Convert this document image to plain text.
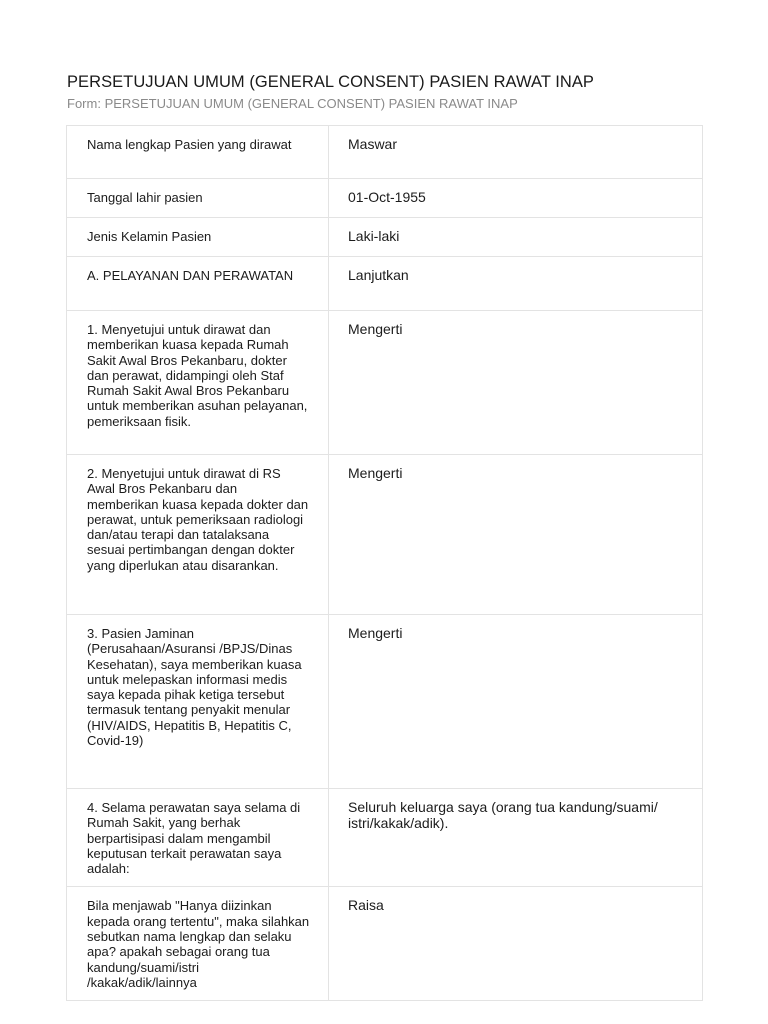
PERSETUJUAN UMUM (GENERAL CONSENT) PASIEN RAWAT INAP
Form: PERSETUJUAN UMUM (GENERAL CONSENT) PASIEN RAWAT INAP
Nama lengkap Pasien yang dirawat	Maswar

Tanggal lahir pasien	01-Oct-1955

Jenis Kelamin Pasien	Laki-laki

A. PELAYANAN DAN PERAWATAN	Lanjutkan

1. Menyetujui untuk dirawat dan memberikan kuasa kepada Rumah Sakit Awal Bros Pekanbaru, dokter dan perawat, didampingi oleh Staf Rumah Sakit Awal Bros Pekanbaru untuk memberikan asuhan pelayanan, pemeriksaan fisik.	Mengerti

2. Menyetujui untuk dirawat di RS Awal Bros Pekanbaru dan memberikan kuasa kepada dokter dan perawat, untuk pemeriksaan radiologi dan/atau terapi dan tatalaksana sesuai pertimbangan dengan dokter yang diperlukan atau disarankan.	Mengerti

3. Pasien Jaminan (Perusahaan/Asuransi /BPJS/Dinas Kesehatan), saya memberikan kuasa untuk melepaskan informasi medis saya kepada pihak ketiga tersebut termasuk tentang penyakit menular (HIV/AIDS, Hepatitis B, Hepatitis C, Covid-19)	Mengerti

4. Selama perawatan saya selama di Rumah Sakit, yang berhak berpartisipasi dalam mengambil keputusan terkait perawatan saya adalah:	Seluruh keluarga saya (orang tua kandung/suami/ istri/kakak/adik).

Bila menjawab "Hanya diizinkan kepada orang tertentu", maka silahkan sebutkan nama lengkap dan selaku apa? apakah sebagai orang tua kandung/suami/istri /kakak/adik/lainnya	Raisa
